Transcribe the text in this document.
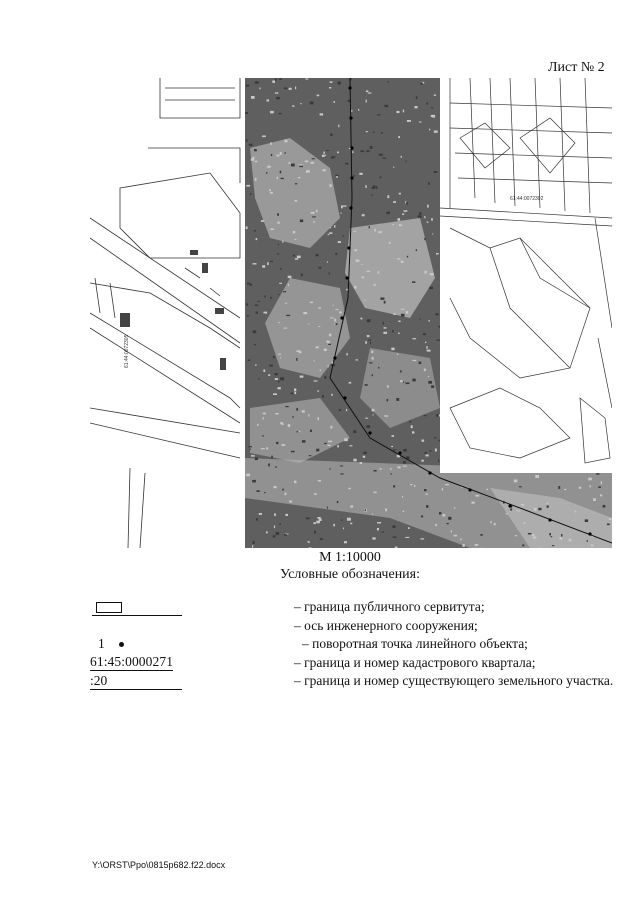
Лист № 2
61:44:0072305
61:44:0072302
М 1:10000
Условные обозначения:
– граница публичного сервитута;
– ось инженерного сооружения;
1	– поворотная точка линейного объекта;
61:45:0000271	– граница и номер кадастрового квартала;
:20	– граница и номер существующего земельного участка.
Y:\ORST\Ppo\0815p682.f22.docx
